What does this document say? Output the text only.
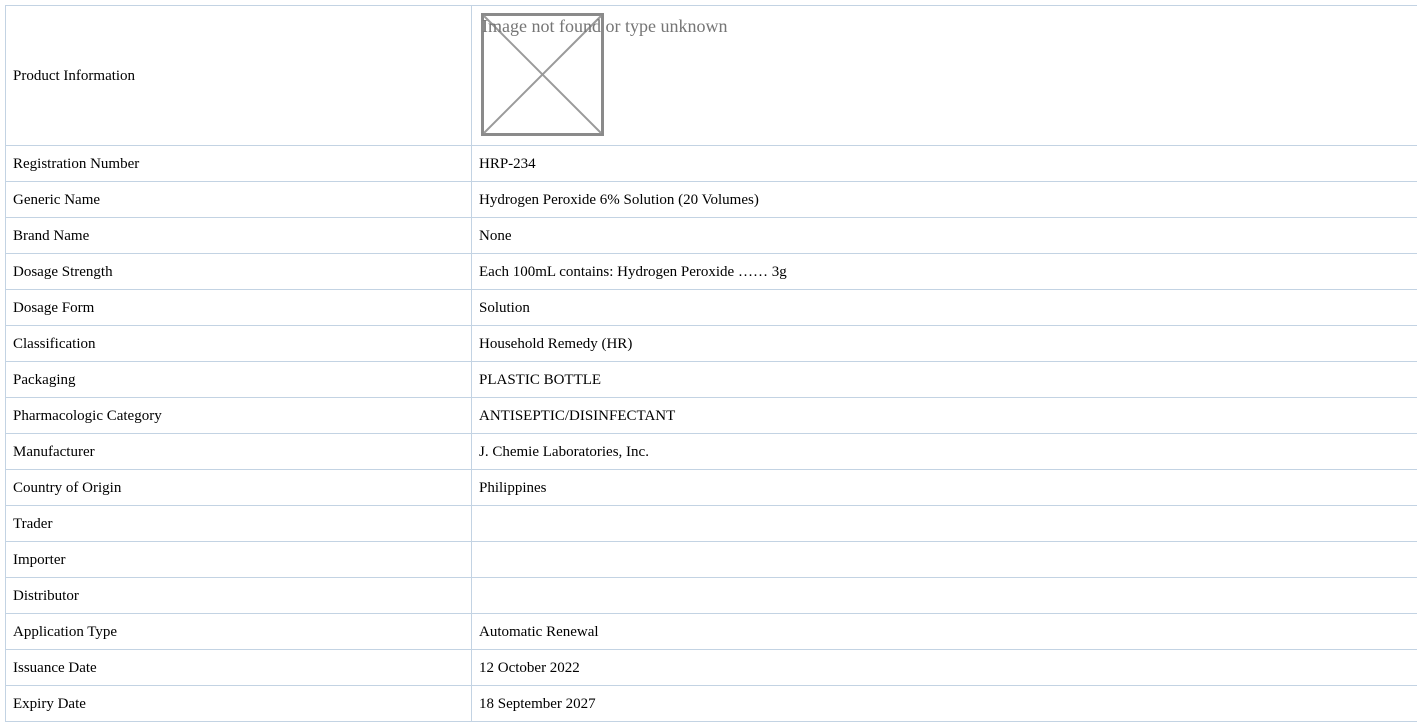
Product Information	Image not found or type unknown

Registration Number	HRP-234
Generic Name	Hydrogen Peroxide 6% Solution (20 Volumes)
Brand Name	None
Dosage Strength	Each 100mL contains: Hydrogen Peroxide …… 3g
Dosage Form	Solution
Classification	Household Remedy (HR)
Packaging	PLASTIC BOTTLE
Pharmacologic Category	ANTISEPTIC/DISINFECTANT
Manufacturer	J. Chemie Laboratories, Inc.
Country of Origin	Philippines
Trader	
Importer	
Distributor	
Application Type	Automatic Renewal
Issuance Date	12 October 2022
Expiry Date	18 September 2027
